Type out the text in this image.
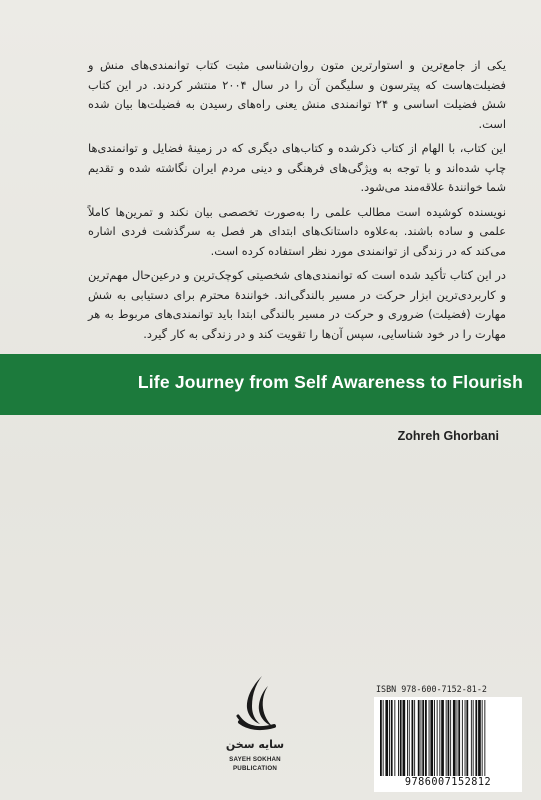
یکی از جامع‌ترین و استوارترین متون روان‌شناسی مثبت کتاب توانمندی‌های منش و فضیلت‌هاست که پیترسون و سلیگمن آن را در سال ۲۰۰۴ منتشر کردند. در این کتاب شش فضیلت اساسی و ۲۴ توانمندی منش یعنی راه‌های رسیدن به فضیلت‌ها بیان شده است.

این کتاب، با الهام از کتاب ذکرشده و کتاب‌های دیگری که در زمینهٔ فضایل و توانمندی‌ها چاپ شده‌اند و با توجه به ویژگی‌های فرهنگی و دینی مردم ایران نگاشته شده و تقدیم شما خوانندهٔ علاقه‌مند می‌شود.

نویسنده کوشیده است مطالب علمی را به‌صورت تخصصی بیان نکند و تمرین‌ها کاملاً علمی و ساده باشند. به‌علاوه داستانک‌های ابتدای هر فصل به سرگذشت فردی اشاره می‌کند که در زندگی از توانمندی مورد نظر استفاده کرده است.

در این کتاب تأکید شده است که توانمندی‌های شخصیتی کوچک‌ترین و درعین‌حال مهم‌ترین و کاربردی‌ترین ابزار حرکت در مسیر بالندگی‌اند. خوانندهٔ محترم برای دستیابی به شش مهارت (فضیلت) ضروری و حرکت در مسیر بالندگی ابتدا باید توانمندی‌های مربوط به هر مهارت را در خود شناسایی، سپس آن‌ها را تقویت کند و در زندگی به کار گیرد.

Life Journey from Self Awareness to Flourish
Zohreh Ghorbani
سایه سخن
SAYEH SOKHAN
PUBLICATION
ISBN 978-600-7152-81-2
9786007152812
